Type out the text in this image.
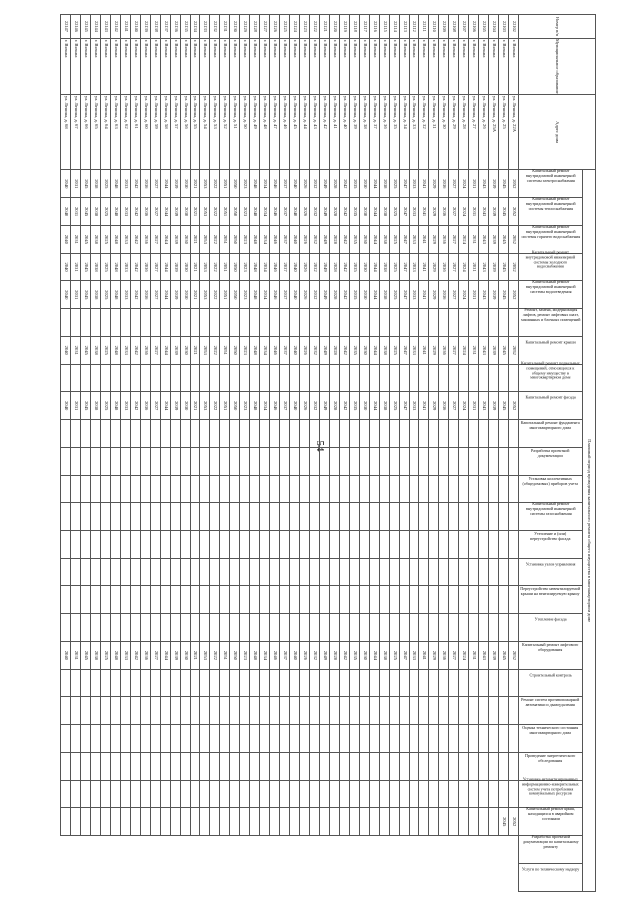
54
Номер п/п	Муниципальное образование	Адрес дома	Плановый период проведения капитального ремонта общего имущества в многоквартирном доме																									

			Капитальный ремонт внутридомовой инженерной системы электроснабжения	Капитальный ремонт внутридомовой инженерной системы теплоснабжения	Капитальный ремонт внутридомовой инженерной системы горячего водоснабжения	Капитальный ремонт внутридомовой инженерной системы холодного водоснабжения	Капитальный ремонт внутридомовой инженерной системы водоотведения	Ремонт, замена, модернизация лифтов, ремонт лифтовых шахт, машинных и блочных помещений	Капитальный ремонт крыши	Капитальный ремонт подвальных помещений, относящихся к общему имуществу в многоквартирном доме	Капитальный ремонт фасада	Капитальный ремонт фундамента многоквартирного дома	Разработка проектной документации	Установка коллективных (общедомовых) приборов учета	Капитальный ремонт внутридомовой инженерной системы газоснабжения	Утепление и (или) переустройство фасада	Установка узлов управления	Переустройство невентилируемой крыши на вентилируемую крышу	Утепление фасада	Капитальный ремонт лифтового оборудования	Строительный контроль	Ремонт систем противопожарной автоматики и дымоудаления	Оценка технического состояния многоквартирного дома	Проведение энергетического обследования	Установка автоматизированных информационно-измерительных систем учета потребления коммунальных ресурсов	Капитальный ремонт крыш, находящихся в аварийном состоянии	Разработка проектной документации по капитальному ремонту	Услуги по техническому надзору

22102	г. Вязьма	ул. Ленина, д. 22А	2052	2052	2052	2052	2052		2052		2052									2052						2052		
22103	г. Вязьма	ул. Ленина, д. 25	2045	2045	2045	2045	2045		2045		2045									2045						2045		
22104	г. Вязьма	ул. Ленина, д. 25А	2039	2039	2039	2039	2039		2039		2039									2039								
22105	г. Вязьма	ул. Ленина, д. 26	2043	2043	2043	2043	2043		2043		2043									2043								
22106	г. Вязьма	ул. Ленина, д. 27	2031	2031	2031	2031	2031		2031		2031									2031								
22107	г. Вязьма	ул. Ленина, д. 28	2024	2024	2024	2024	2024		2024		2024									2024								
22108	г. Вязьма	ул. Ленина, д. 29	2027	2027	2027	2027	2027		2027		2027									2027								
22109	г. Вязьма	ул. Ленина, д. 30	2036	2036	2036	2036	2036		2036		2036									2036								
22110	г. Вязьма	ул. Ленина, д. 31	2029	2029	2029	2029	2029		2029		2029									2029								
22111	г. Вязьма	ул. Ленина, д. 32	2041	2041	2041	2041	2041		2041		2041									2041								
22112	г. Вязьма	ул. Ленина, д. 33	2033	2033	2033	2033	2033		2033		2033									2033								
22113	г. Вязьма	ул. Ленина, д. 34	2047	2047	2047	2047	2047		2047		2047									2047								
22114	г. Вязьма	ул. Ленина, д. 35	2025	2025	2025	2025	2025		2025		2025									2025								
22115	г. Вязьма	ул. Ленина, д. 36	2038	2038	2038	2038	2038		2038		2038									2038								
22116	г. Вязьма	ул. Ленина, д. 37	2044	2044	2044	2044	2044		2044		2044									2044								
22117	г. Вязьма	ул. Ленина, д. 38	2030	2030	2030	2030	2030		2030		2030									2030								
22118	г. Вязьма	ул. Ленина, д. 39	2035	2035	2035	2035	2035		2035		2035									2035								
22119	г. Вязьма	ул. Ленина, д. 40	2042	2042	2042	2042	2042		2042		2042									2042								
22120	г. Вязьма	ул. Ленина, д. 41	2028	2028	2028	2028	2028		2028		2028									2028								
22121	г. Вязьма	ул. Ленина, д. 42	2049	2049	2049	2049	2049		2049		2049									2049								
22122	г. Вязьма	ул. Ленина, д. 43	2032	2032	2032	2032	2032		2032		2032									2032								
22123	г. Вязьма	ул. Ленина, д. 44	2026	2026	2026	2026	2026		2026		2026									2026								
22124	г. Вязьма	ул. Ленина, д. 45	2040	2040	2040	2040	2040		2040		2040									2040								
22125	г. Вязьма	ул. Ленина, д. 46	2037	2037	2037	2037	2037		2037		2037									2037								
22126	г. Вязьма	ул. Ленина, д. 47	2046	2046	2046	2046	2046		2046		2046									2046								
22127	г. Вязьма	ул. Ленина, д. 48	2034	2034	2034	2034	2034		2034		2034									2034								
22128	г. Вязьма	ул. Ленина, д. 49	2048	2048	2048	2048	2048		2048		2048									2048								
22129	г. Вязьма	ул. Ленина, д. 50	2023	2023	2023	2023	2023		2023		2023									2023								
22130	г. Вязьма	ул. Ленина, д. 51	2050	2050	2050	2050	2050		2050		2050									2050								
22131	г. Вязьма	ул. Ленина, д. 52	2051	2051	2051	2051	2051		2051		2051									2051								
22132	г. Вязьма	ул. Ленина, д. 53	2022	2022	2022	2022	2022		2022		2022									2022								
22133	г. Вязьма	ул. Ленина, д. 54	2053	2053	2053	2053	2053		2053		2053									2053								
22134	г. Вязьма	ул. Ленина, д. 55	2021	2021	2021	2021	2021		2021		2021									2021								
22135	г. Вязьма	ул. Ленина, д. 56	2030	2030	2030	2030	2030		2030		2030									2030								
22136	г. Вязьма	ул. Ленина, д. 57	2039	2039	2039	2039	2039		2039		2039									2039								
22137	г. Вязьма	ул. Ленина, д. 58	2044	2044	2044	2044	2044		2044		2044									2044								
22138	г. Вязьма	ул. Ленина, д. 59	2027	2027	2027	2027	2027		2027		2027									2027								
22139	г. Вязьма	ул. Ленина, д. 60	2036	2036	2036	2036	2036		2036		2036									2036								
22140	г. Вязьма	ул. Ленина, д. 61	2042	2042	2042	2042	2042		2042		2042									2042								
22141	г. Вязьма	ул. Ленина, д. 62	2033	2033	2033	2033	2033		2033		2033									2033								
22142	г. Вязьма	ул. Ленина, д. 63	2048	2048	2048	2048	2048		2048		2048									2048								
22143	г. Вязьма	ул. Ленина, д. 64	2025	2025	2025	2025	2025		2025		2025									2025								
22144	г. Вязьма	ул. Ленина, д. 65	2038	2038	2038	2038	2038		2038		2038									2038								
22145	г. Вязьма	ул. Ленина, д. 66	2045	2045	2045	2045	2045		2045		2045									2045								
22146	г. Вязьма	ул. Ленина, д. 67	2031	2031	2031	2031	2031		2031		2031									2031								
22147	г. Вязьма	ул. Ленина, д. 68	2040	2040	2040	2040	2040		2040		2040									2040								
